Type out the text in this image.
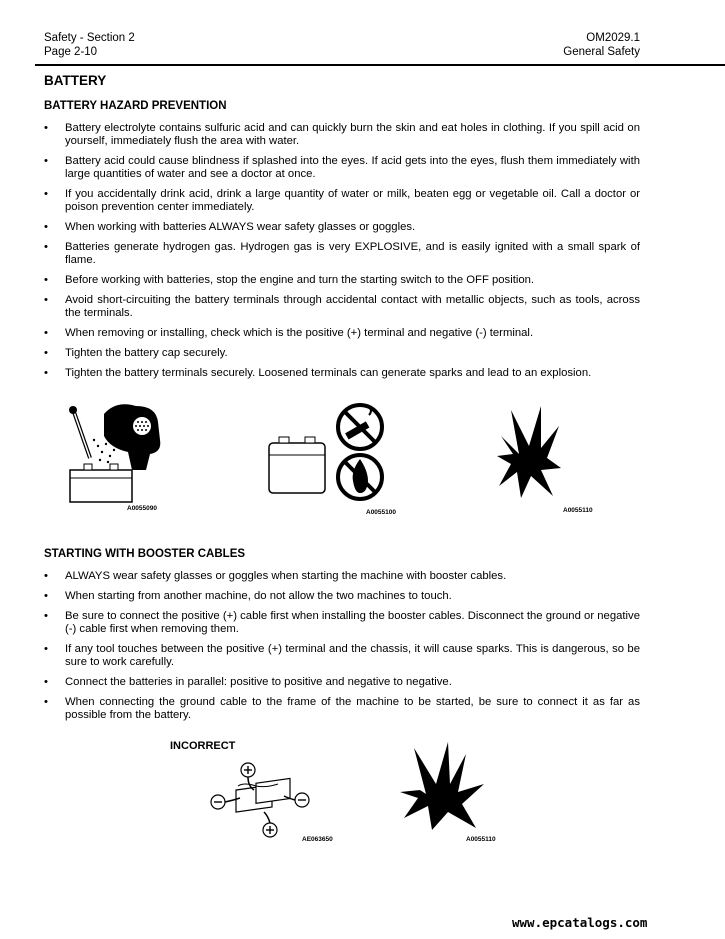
Safety - Section 2
Page 2-10
OM2029.1
General Safety
BATTERY
BATTERY HAZARD PREVENTION
• Battery electrolyte contains sulfuric acid and can quickly burn the skin and eat holes in clothing. If you spill acid on yourself, immediately flush the area with water.
• Battery acid could cause blindness if splashed into the eyes. If acid gets into the eyes, flush them immediately with large quantities of water and see a doctor at once.
• If you accidentally drink acid, drink a large quantity of water or milk, beaten egg or vegetable oil. Call a doctor or poison prevention center immediately.
• When working with batteries ALWAYS wear safety glasses or goggles.
• Batteries generate hydrogen gas. Hydrogen gas is very EXPLOSIVE, and is easily ignited with a small spark of flame.
• Before working with batteries, stop the engine and turn the starting switch to the OFF position.
• Avoid short-circuiting the battery terminals through accidental contact with metallic objects, such as tools, across the terminals.
• When removing or installing, check which is the positive (+) terminal and negative (-) terminal.
• Tighten the battery cap securely.
• Tighten the battery terminals securely. Loosened terminals can generate sparks and lead to an explosion.
A0055090
A0055100	A0055110
STARTING WITH BOOSTER CABLES
• ALWAYS wear safety glasses or goggles when starting the machine with booster cables.
• When starting from another machine, do not allow the two machines to touch.
• Be sure to connect the positive (+) cable first when installing the booster cables. Disconnect the ground or negative (-) cable first when removing them.
• If any tool touches between the positive (+) terminal and the chassis, it will cause sparks. This is dangerous, so be sure to work carefully.
• Connect the batteries in parallel: positive to positive and negative to negative.
• When connecting the ground cable to the frame of the machine to be started, be sure to connect it as far as possible from the battery.
INCORRECT
AE063650	A0055110
www.epcatalogs.com
